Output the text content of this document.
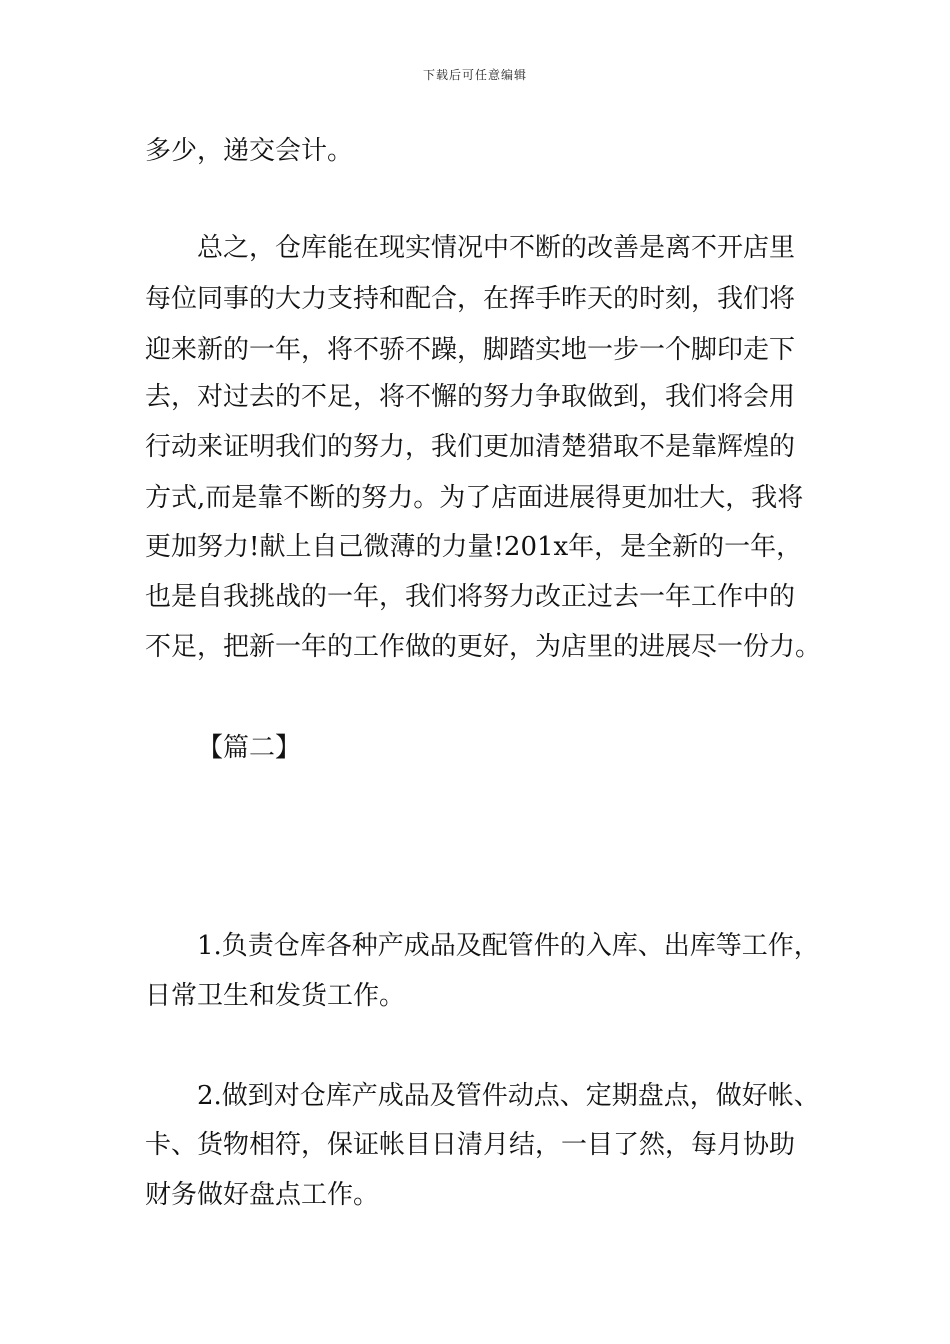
下载后可任意编辑
多少，递交会计。
总之，仓库能在现实情况中不断的改善是离不开店里
每位同事的大力支持和配合，在挥手昨天的时刻，我们将
迎来新的一年，将不骄不躁，脚踏实地一步一个脚印走下
去，对过去的不足，将不懈的努力争取做到，我们将会用
行动来证明我们的努力，我们更加清楚猎取不是靠辉煌的
方式,而是靠不断的努力。为了店面进展得更加壮大，我将
更加努力!献上自己微薄的力量!201x年，是全新的一年，
也是自我挑战的一年，我们将努力改正过去一年工作中的
不足，把新一年的工作做的更好，为店里的进展尽一份力。
【篇二】
1.负责仓库各种产成品及配管件的入库、出库等工作，
日常卫生和发货工作。
2.做到对仓库产成品及管件动点、定期盘点，做好帐、
卡、货物相符，保证帐目日清月结，一目了然，每月协助
财务做好盘点工作。
